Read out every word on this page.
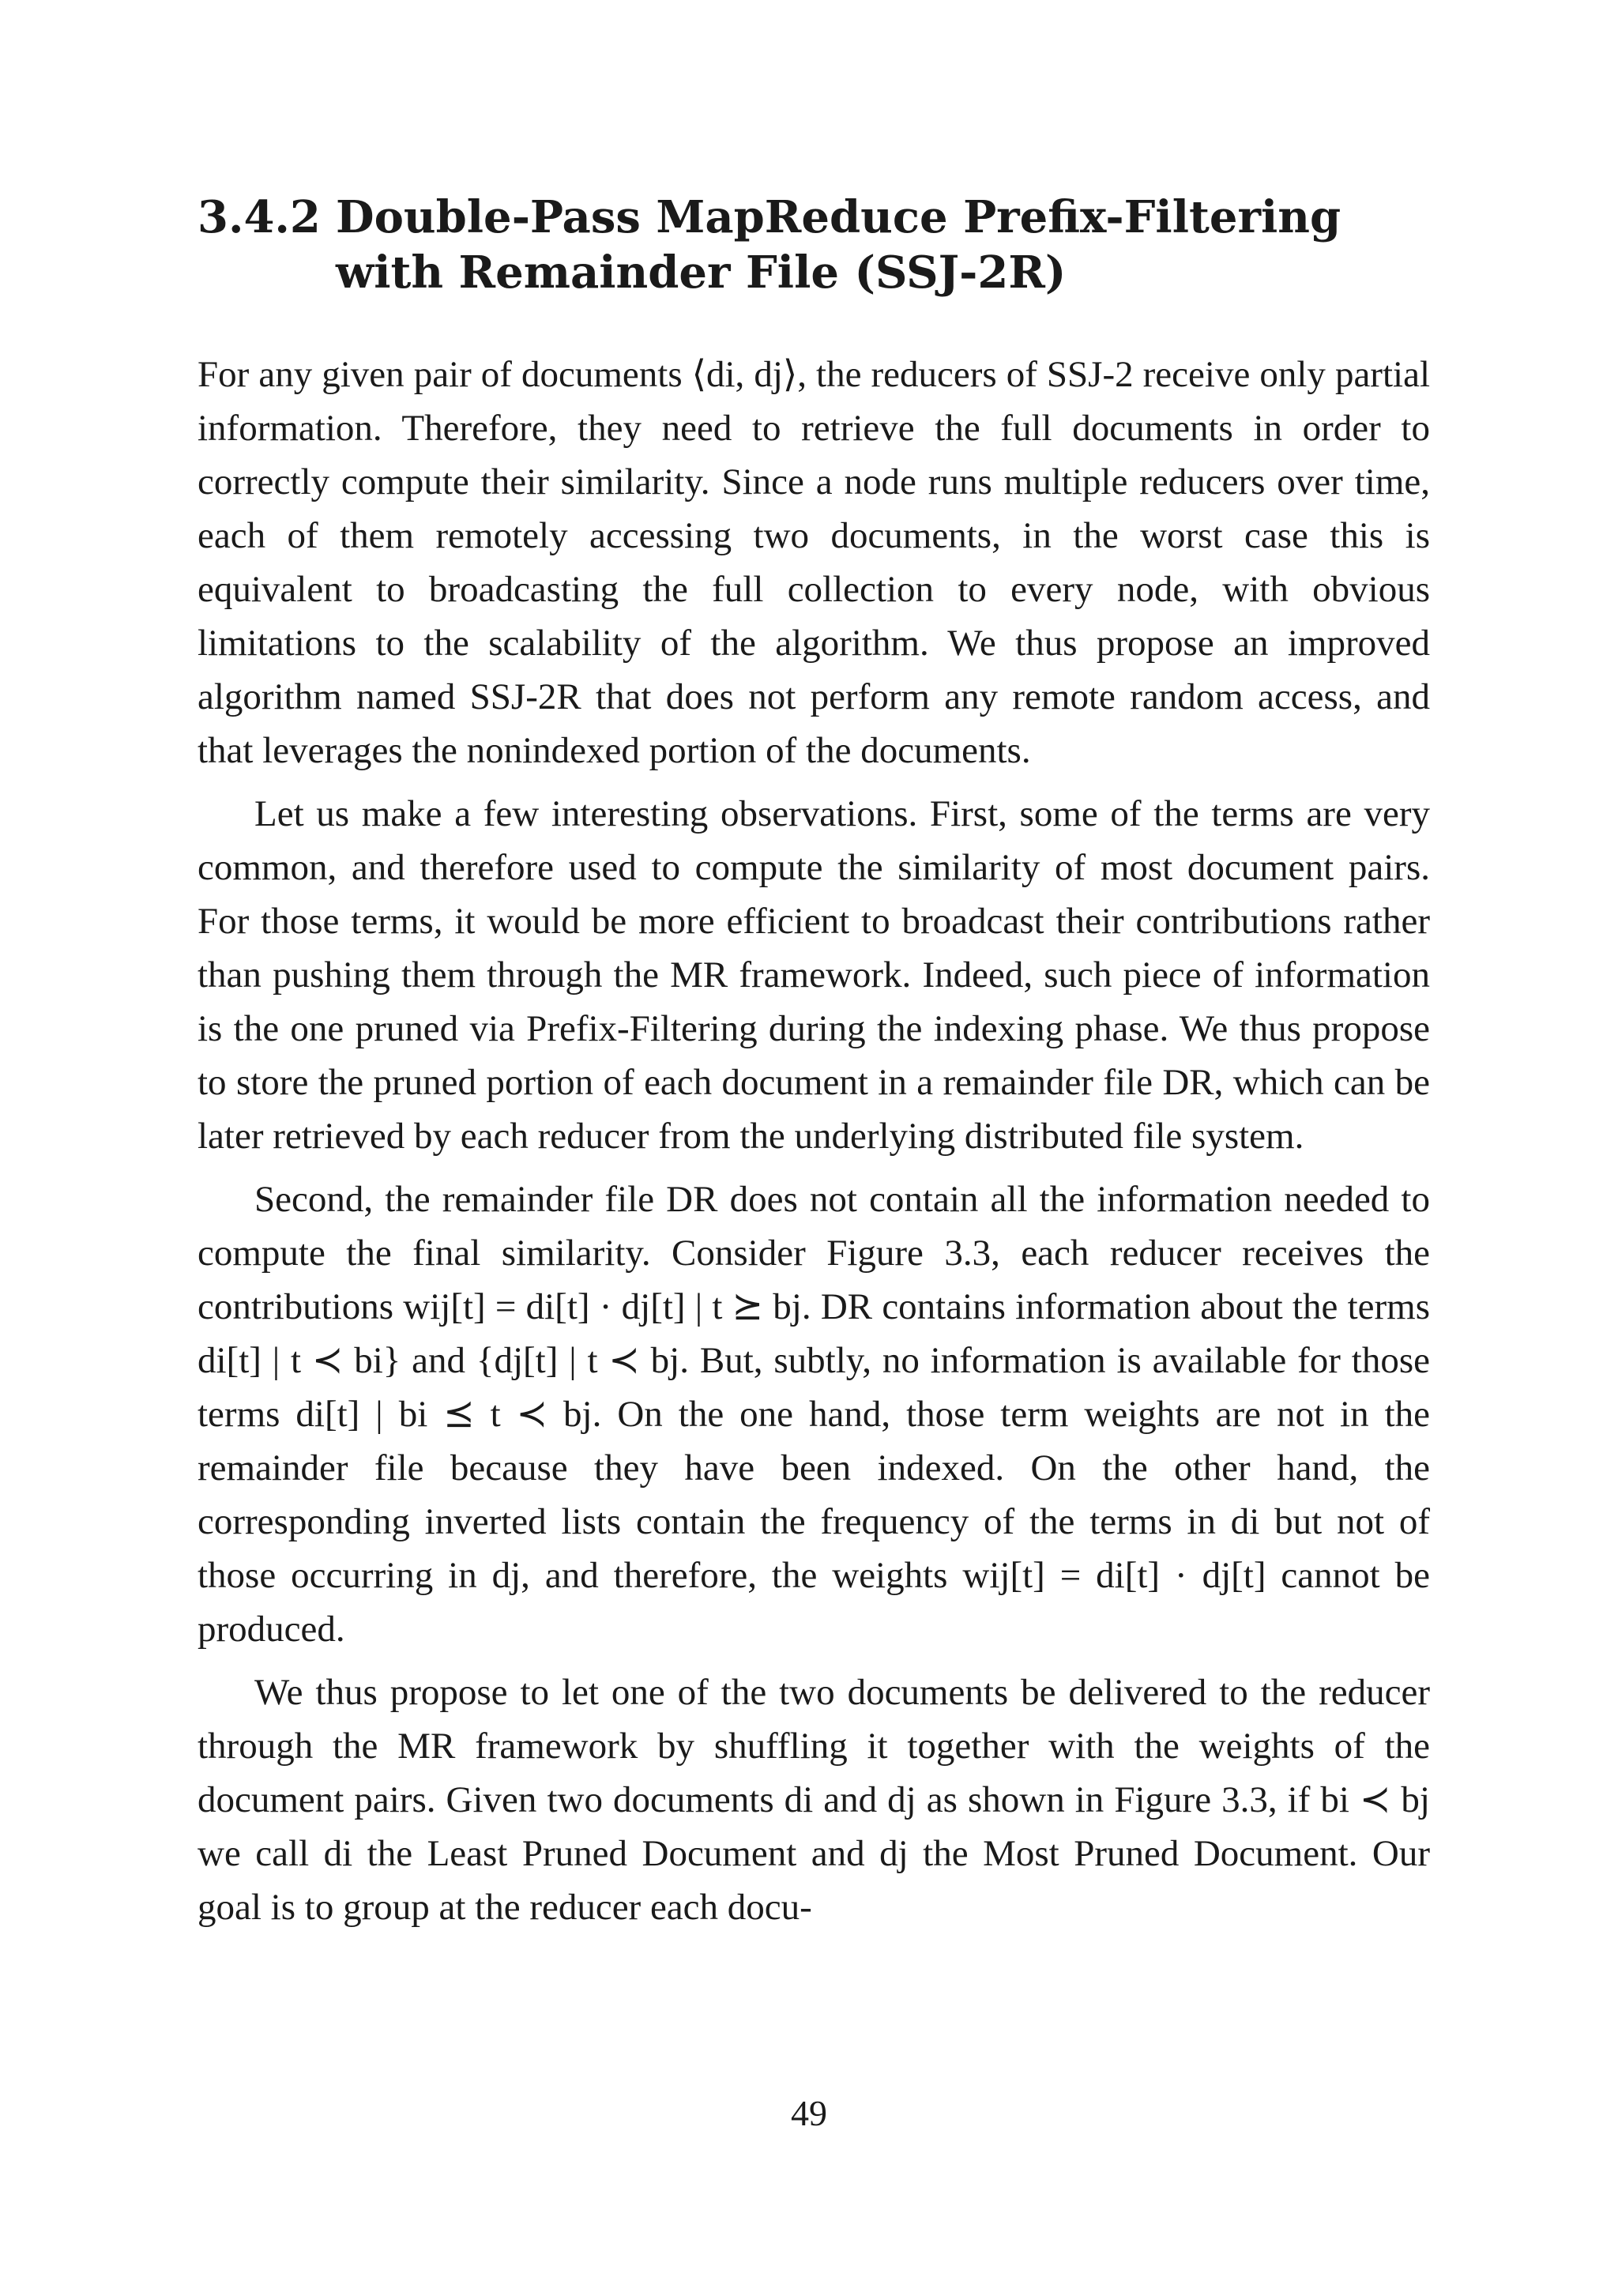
3.4.2 Double-Pass MapReduce Prefix-Filtering with Remainder File (SSJ-2R)

For any given pair of documents ⟨di, dj⟩, the reducers of SSJ-2 receive only partial information. Therefore, they need to retrieve the full documents in order to correctly compute their similarity. Since a node runs multiple reducers over time, each of them remotely accessing two documents, in the worst case this is equivalent to broadcasting the full collection to every node, with obvious limitations to the scalability of the algorithm. We thus propose an improved algorithm named SSJ-2R that does not perform any remote random access, and that leverages the nonindexed portion of the documents.

Let us make a few interesting observations. First, some of the terms are very common, and therefore used to compute the similarity of most document pairs. For those terms, it would be more efficient to broadcast their contributions rather than pushing them through the MR framework. Indeed, such piece of information is the one pruned via Prefix-Filtering during the indexing phase. We thus propose to store the pruned portion of each document in a remainder file DR, which can be later retrieved by each reducer from the underlying distributed file system.

Second, the remainder file DR does not contain all the information needed to compute the final similarity. Consider Figure 3.3, each reducer receives the contributions wij[t] = di[t] · dj[t] | t ⪰ bj. DR contains information about the terms di[t] | t ≺ bi} and {dj[t] | t ≺ bj. But, subtly, no information is available for those terms di[t] | bi ⪯ t ≺ bj. On the one hand, those term weights are not in the remainder file because they have been indexed. On the other hand, the corresponding inverted lists contain the frequency of the terms in di but not of those occurring in dj, and therefore, the weights wij[t] = di[t] · dj[t] cannot be produced.

We thus propose to let one of the two documents be delivered to the reducer through the MR framework by shuffling it together with the weights of the document pairs. Given two documents di and dj as shown in Figure 3.3, if bi ≺ bj we call di the Least Pruned Document and dj the Most Pruned Document. Our goal is to group at the reducer each docu-

49
